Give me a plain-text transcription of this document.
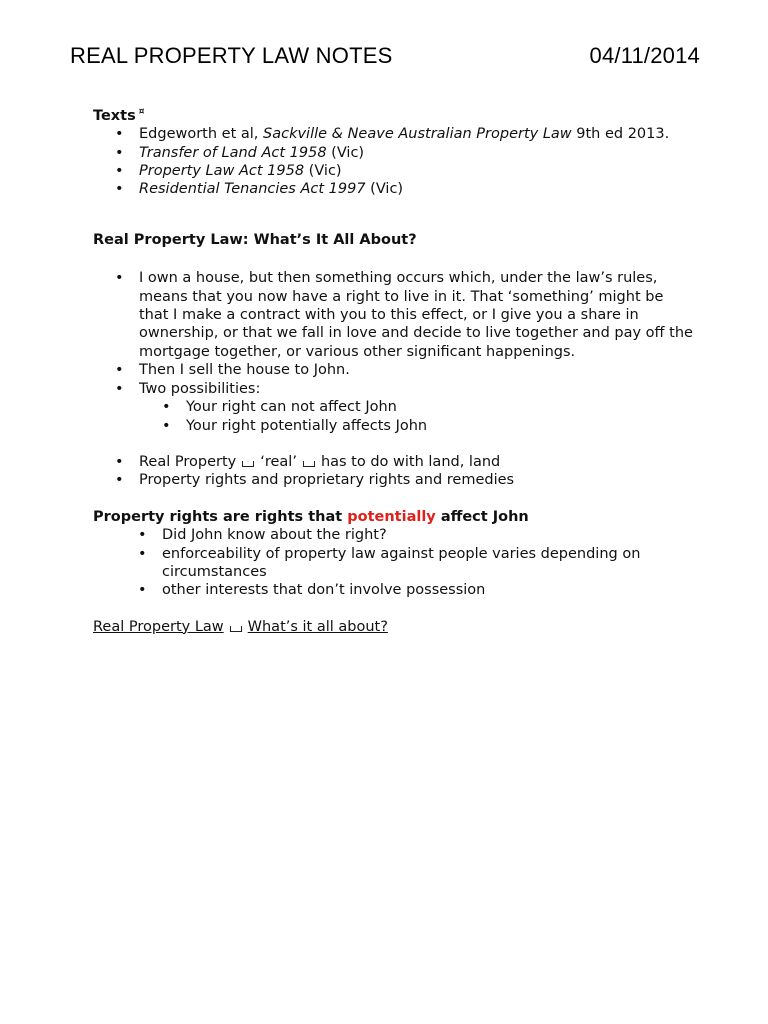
REAL PROPERTY LAW NOTES	04/11/2014

Texts ¤

• Edgeworth et al, Sackville & Neave Australian Property Law 9th ed 2013.
• Transfer of Land Act 1958 (Vic)
• Property Law Act 1958 (Vic)
• Residential Tenancies Act 1997 (Vic)

Real Property Law: What’s It All About?

• I own a house, but then something occurs which, under the law’s rules, means that you now have a right to live in it. That ‘something’ might be that I make a contract with you to this effect, or I give you a share in ownership, or that we fall in love and decide to live together and pay off the mortgage together, or various other significant happenings.
• Then I sell the house to John.
• Two possibilities:
• Your right can not affect John
• Your right potentially affects John
• Real Property ‘real’ has to do with land, land
• Property rights and proprietary rights and remedies

Property rights are rights that potentially affect John

• Did John know about the right?
• enforceability of property law against people varies depending on circumstances
• other interests that don’t involve possession

Real Property Law What’s it all about?
